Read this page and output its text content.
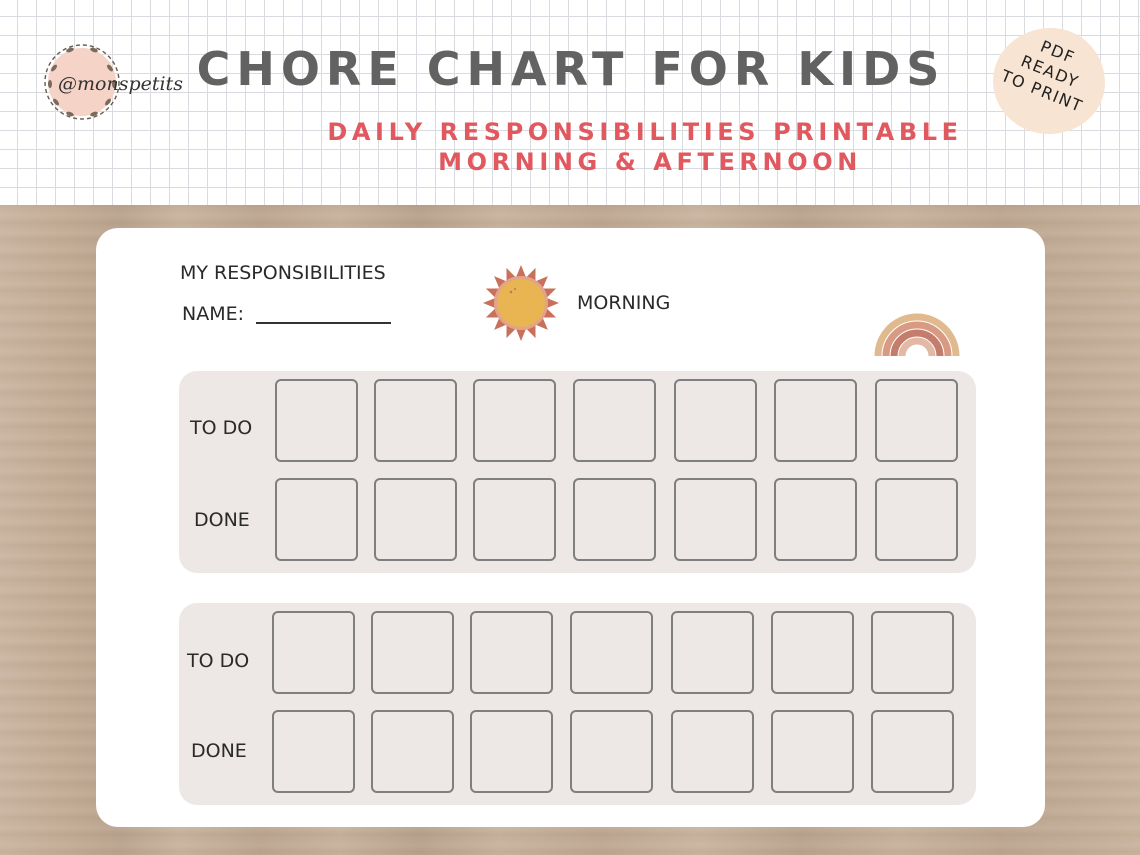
@monspetits CHORE CHART FOR KIDS
DAILY RESPONSIBILITIES PRINTABLE
MORNING & AFTERNOON
PDF
READY
TO PRINT
MY RESPONSIBILITIES
NAME:	MORNING
TO DO
DONE
TO DO
DONE
